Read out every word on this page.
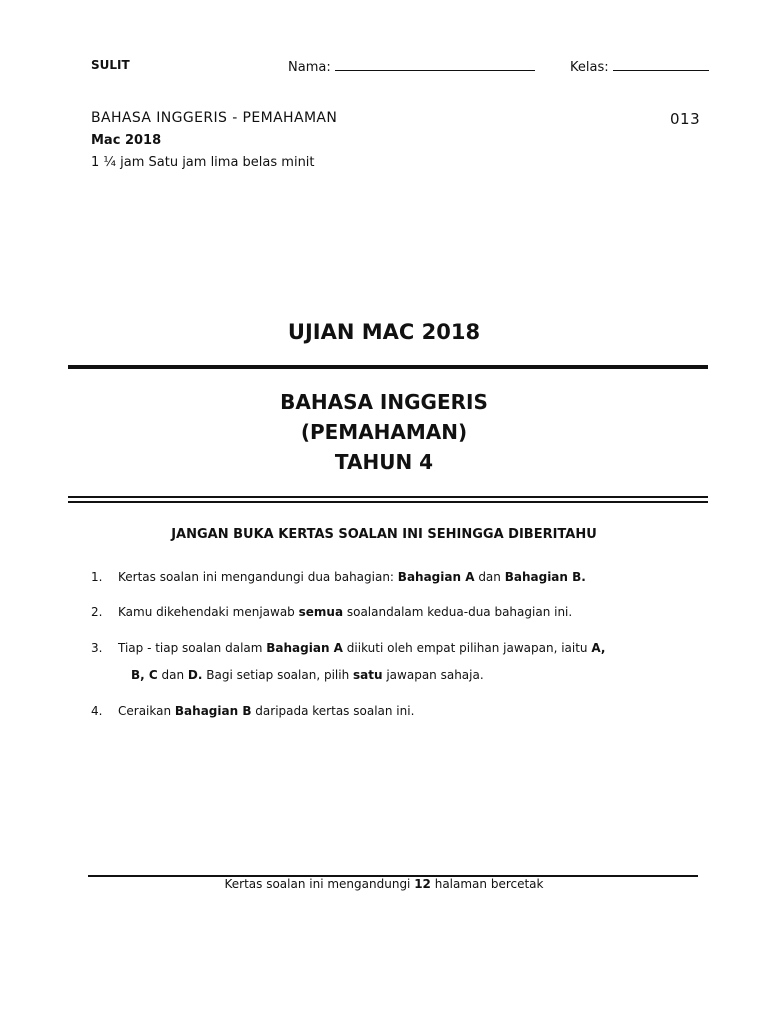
SULIT	Nama:	Kelas:
BAHASA INGGERIS - PEMAHAMAN	013
Mac 2018
1 ¼ jam Satu jam lima belas minit
UJIAN MAC 2018
BAHASA INGGERIS
(PEMAHAMAN)
TAHUN 4
JANGAN BUKA KERTAS SOALAN INI SEHINGGA DIBERITAHU
1.	Kertas soalan ini mengandungi dua bahagian: Bahagian A dan Bahagian B.
2.	Kamu dikehendaki menjawab semua soalandalam kedua-dua bahagian ini.
3.	Tiap - tiap soalan dalam Bahagian A diikuti oleh empat pilihan jawapan, iaitu A,
B, C dan D. Bagi setiap soalan, pilih satu jawapan sahaja.
4.	Ceraikan Bahagian B daripada kertas soalan ini.
Kertas soalan ini mengandungi 12 halaman bercetak
